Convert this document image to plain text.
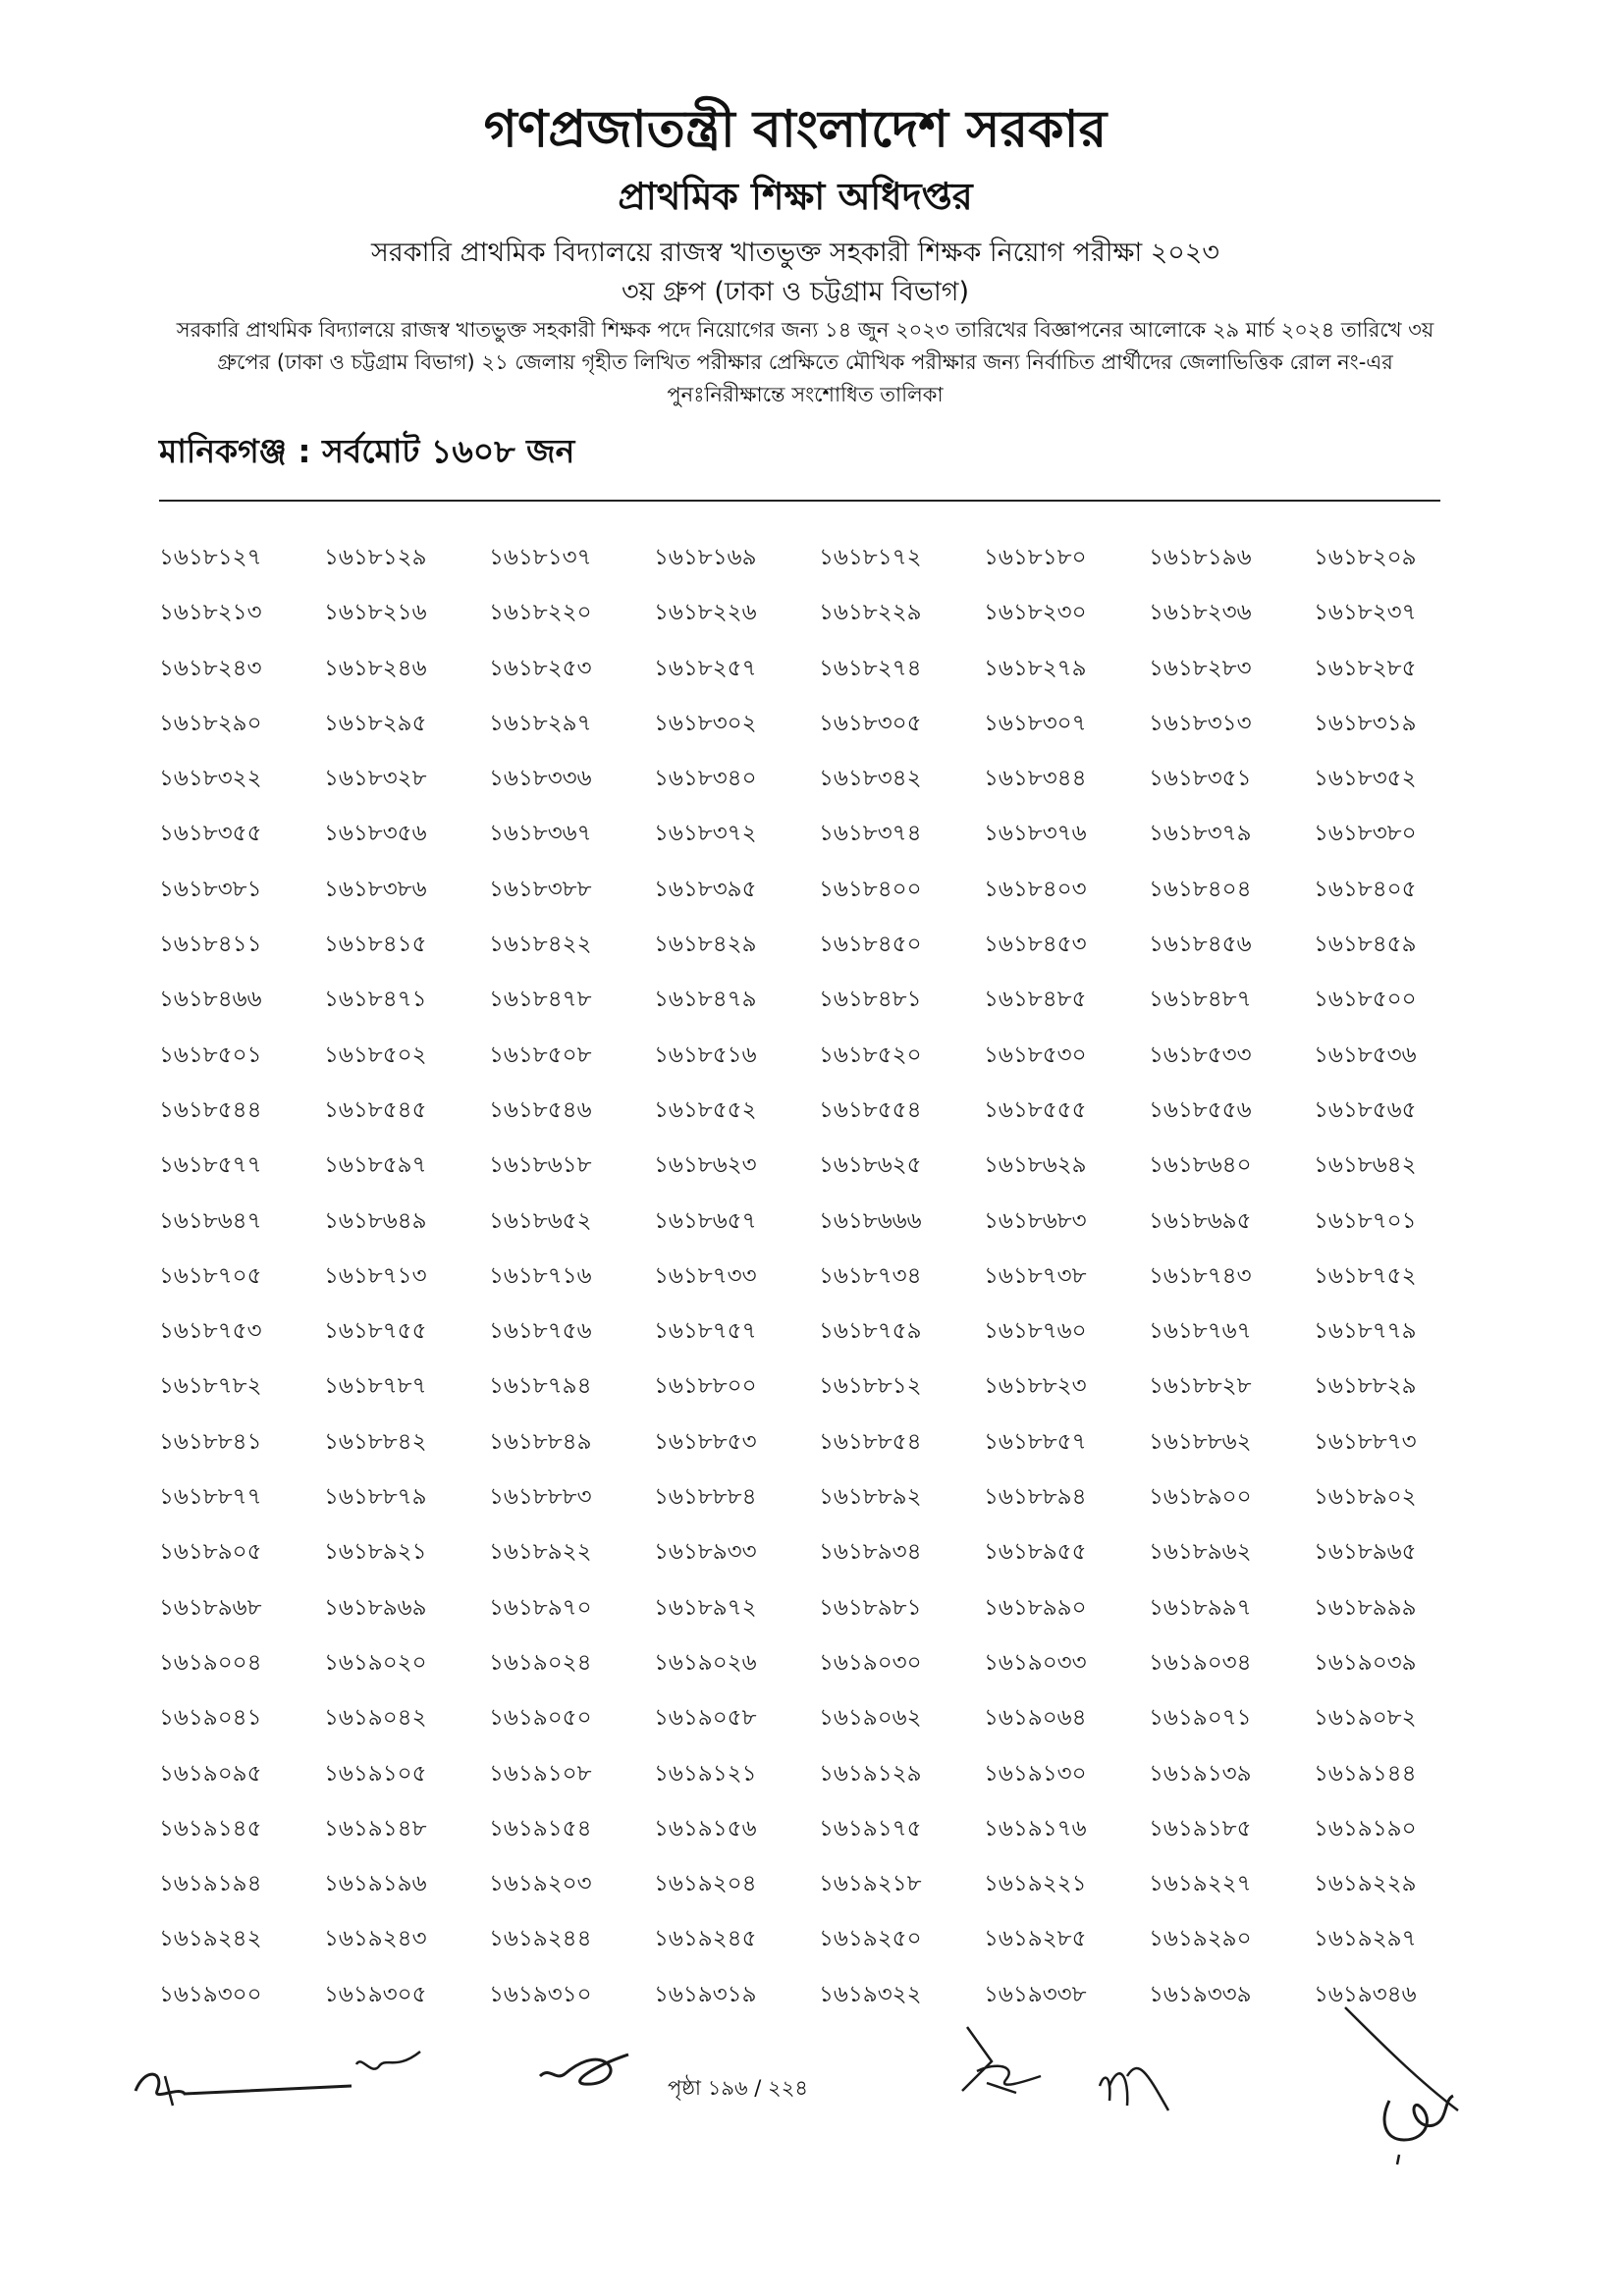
গণপ্রজাতন্ত্রী বাংলাদেশ সরকার
প্রাথমিক শিক্ষা অধিদপ্তর
সরকারি প্রাথমিক বিদ্যালয়ে রাজস্ব খাতভুক্ত সহকারী শিক্ষক নিয়োগ পরীক্ষা ২০২৩
৩য় গ্রুপ (ঢাকা ও চট্টগ্রাম বিভাগ)
সরকারি প্রাথমিক বিদ্যালয়ে রাজস্ব খাতভুক্ত সহকারী শিক্ষক পদে নিয়োগের জন্য ১৪ জুন ২০২৩ তারিখের বিজ্ঞাপনের আলোকে ২৯ মার্চ ২০২৪ তারিখে ৩য় গ্রুপের (ঢাকা ও চট্টগ্রাম বিভাগ) ২১ জেলায় গৃহীত লিখিত পরীক্ষার প্রেক্ষিতে মৌখিক পরীক্ষার জন্য নির্বাচিত প্রার্থীদের জেলাভিত্তিক রোল নং-এর পুনঃনিরীক্ষান্তে সংশোধিত তালিকা
মানিকগঞ্জ : সর্বমোট ১৬০৮ জন
১৬১৮১২৭	১৬১৮১২৯	১৬১৮১৩৭	১৬১৮১৬৯	১৬১৮১৭২	১৬১৮১৮০	১৬১৮১৯৬	১৬১৮২০৯
১৬১৮২১৩	১৬১৮২১৬	১৬১৮২২০	১৬১৮২২৬	১৬১৮২২৯	১৬১৮২৩০	১৬১৮২৩৬	১৬১৮২৩৭
১৬১৮২৪৩	১৬১৮২৪৬	১৬১৮২৫৩	১৬১৮২৫৭	১৬১৮২৭৪	১৬১৮২৭৯	১৬১৮২৮৩	১৬১৮২৮৫
১৬১৮২৯০	১৬১৮২৯৫	১৬১৮২৯৭	১৬১৮৩০২	১৬১৮৩০৫	১৬১৮৩০৭	১৬১৮৩১৩	১৬১৮৩১৯
১৬১৮৩২২	১৬১৮৩২৮	১৬১৮৩৩৬	১৬১৮৩৪০	১৬১৮৩৪২	১৬১৮৩৪৪	১৬১৮৩৫১	১৬১৮৩৫২
১৬১৮৩৫৫	১৬১৮৩৫৬	১৬১৮৩৬৭	১৬১৮৩৭২	১৬১৮৩৭৪	১৬১৮৩৭৬	১৬১৮৩৭৯	১৬১৮৩৮০
১৬১৮৩৮১	১৬১৮৩৮৬	১৬১৮৩৮৮	১৬১৮৩৯৫	১৬১৮৪০০	১৬১৮৪০৩	১৬১৮৪০৪	১৬১৮৪০৫
১৬১৮৪১১	১৬১৮৪১৫	১৬১৮৪২২	১৬১৮৪২৯	১৬১৮৪৫০	১৬১৮৪৫৩	১৬১৮৪৫৬	১৬১৮৪৫৯
১৬১৮৪৬৬	১৬১৮৪৭১	১৬১৮৪৭৮	১৬১৮৪৭৯	১৬১৮৪৮১	১৬১৮৪৮৫	১৬১৮৪৮৭	১৬১৮৫০০
১৬১৮৫০১	১৬১৮৫০২	১৬১৮৫০৮	১৬১৮৫১৬	১৬১৮৫২০	১৬১৮৫৩০	১৬১৮৫৩৩	১৬১৮৫৩৬
১৬১৮৫৪৪	১৬১৮৫৪৫	১৬১৮৫৪৬	১৬১৮৫৫২	১৬১৮৫৫৪	১৬১৮৫৫৫	১৬১৮৫৫৬	১৬১৮৫৬৫
১৬১৮৫৭৭	১৬১৮৫৯৭	১৬১৮৬১৮	১৬১৮৬২৩	১৬১৮৬২৫	১৬১৮৬২৯	১৬১৮৬৪০	১৬১৮৬৪২
১৬১৮৬৪৭	১৬১৮৬৪৯	১৬১৮৬৫২	১৬১৮৬৫৭	১৬১৮৬৬৬	১৬১৮৬৮৩	১৬১৮৬৯৫	১৬১৮৭০১
১৬১৮৭০৫	১৬১৮৭১৩	১৬১৮৭১৬	১৬১৮৭৩৩	১৬১৮৭৩৪	১৬১৮৭৩৮	১৬১৮৭৪৩	১৬১৮৭৫২
১৬১৮৭৫৩	১৬১৮৭৫৫	১৬১৮৭৫৬	১৬১৮৭৫৭	১৬১৮৭৫৯	১৬১৮৭৬০	১৬১৮৭৬৭	১৬১৮৭৭৯
১৬১৮৭৮২	১৬১৮৭৮৭	১৬১৮৭৯৪	১৬১৮৮০০	১৬১৮৮১২	১৬১৮৮২৩	১৬১৮৮২৮	১৬১৮৮২৯
১৬১৮৮৪১	১৬১৮৮৪২	১৬১৮৮৪৯	১৬১৮৮৫৩	১৬১৮৮৫৪	১৬১৮৮৫৭	১৬১৮৮৬২	১৬১৮৮৭৩
১৬১৮৮৭৭	১৬১৮৮৭৯	১৬১৮৮৮৩	১৬১৮৮৮৪	১৬১৮৮৯২	১৬১৮৮৯৪	১৬১৮৯০০	১৬১৮৯০২
১৬১৮৯০৫	১৬১৮৯২১	১৬১৮৯২২	১৬১৮৯৩৩	১৬১৮৯৩৪	১৬১৮৯৫৫	১৬১৮৯৬২	১৬১৮৯৬৫
১৬১৮৯৬৮	১৬১৮৯৬৯	১৬১৮৯৭০	১৬১৮৯৭২	১৬১৮৯৮১	১৬১৮৯৯০	১৬১৮৯৯৭	১৬১৮৯৯৯
১৬১৯০০৪	১৬১৯০২০	১৬১৯০২৪	১৬১৯০২৬	১৬১৯০৩০	১৬১৯০৩৩	১৬১৯০৩৪	১৬১৯০৩৯
১৬১৯০৪১	১৬১৯০৪২	১৬১৯০৫০	১৬১৯০৫৮	১৬১৯০৬২	১৬১৯০৬৪	১৬১৯০৭১	১৬১৯০৮২
১৬১৯০৯৫	১৬১৯১০৫	১৬১৯১০৮	১৬১৯১২১	১৬১৯১২৯	১৬১৯১৩০	১৬১৯১৩৯	১৬১৯১৪৪
১৬১৯১৪৫	১৬১৯১৪৮	১৬১৯১৫৪	১৬১৯১৫৬	১৬১৯১৭৫	১৬১৯১৭৬	১৬১৯১৮৫	১৬১৯১৯০
১৬১৯১৯৪	১৬১৯১৯৬	১৬১৯২০৩	১৬১৯২০৪	১৬১৯২১৮	১৬১৯২২১	১৬১৯২২৭	১৬১৯২২৯
১৬১৯২৪২	১৬১৯২৪৩	১৬১৯২৪৪	১৬১৯২৪৫	১৬১৯২৫০	১৬১৯২৮৫	১৬১৯২৯০	১৬১৯২৯৭
১৬১৯৩০০	১৬১৯৩০৫	১৬১৯৩১০	১৬১৯৩১৯	১৬১৯৩২২	১৬১৯৩৩৮	১৬১৯৩৩৯	১৬১৯৩৪৬
পৃষ্ঠা ১৯৬ / ২২৪
